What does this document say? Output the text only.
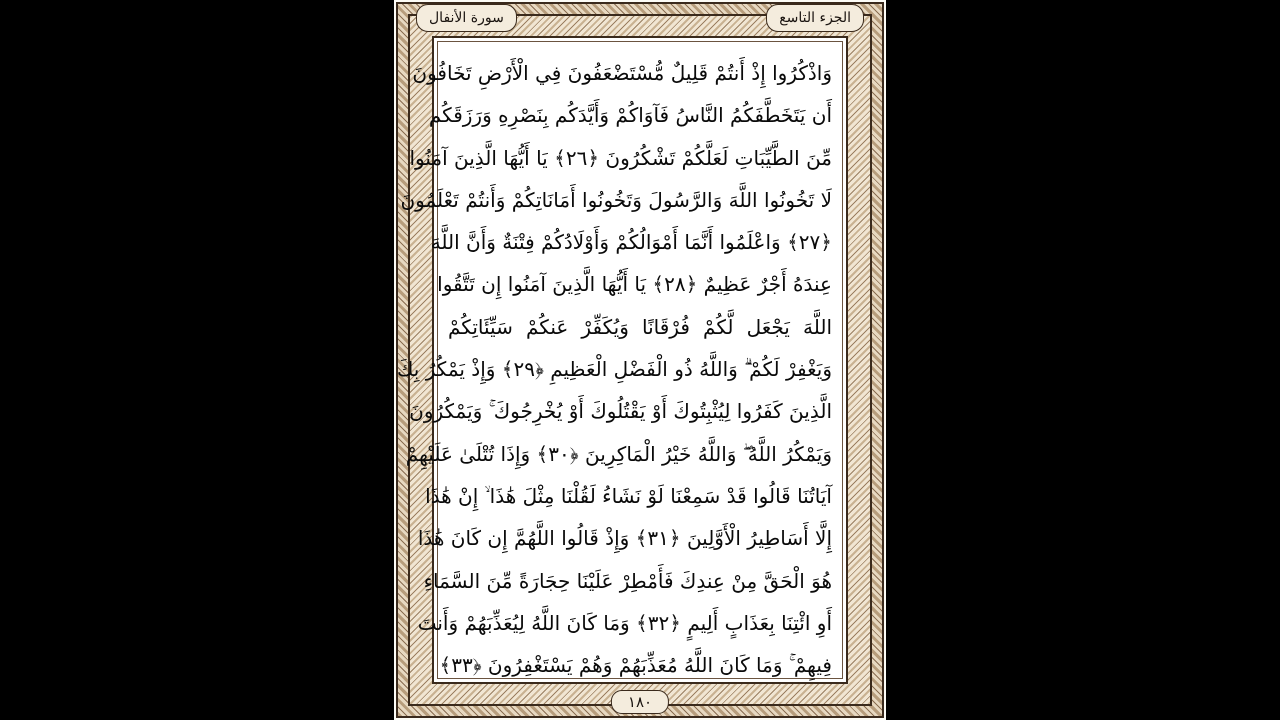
الجزء التاسع
سورة الأنفال
وَاذْكُرُوا إِذْ أَنتُمْ قَلِيلٌ مُّسْتَضْعَفُونَ فِي الْأَرْضِ تَخَافُونَ
أَن يَتَخَطَّفَكُمُ النَّاسُ فَآوَاكُمْ وَأَيَّدَكُم بِنَصْرِهِ وَرَزَقَكُم
مِّنَ الطَّيِّبَاتِ لَعَلَّكُمْ تَشْكُرُونَ ﴿٢٦﴾ يَا أَيُّهَا الَّذِينَ آمَنُوا
لَا تَخُونُوا اللَّهَ وَالرَّسُولَ وَتَخُونُوا أَمَانَاتِكُمْ وَأَنتُمْ تَعْلَمُونَ
﴿٢٧﴾ وَاعْلَمُوا أَنَّمَا أَمْوَالُكُمْ وَأَوْلَادُكُمْ فِتْنَةٌ وَأَنَّ اللَّهَ
عِندَهُ أَجْرٌ عَظِيمٌ ﴿٢٨﴾ يَا أَيُّهَا الَّذِينَ آمَنُوا إِن تَتَّقُوا
اللَّهَ يَجْعَل لَّكُمْ فُرْقَانًا وَيُكَفِّرْ عَنكُمْ سَيِّئَاتِكُمْ
وَيَغْفِرْ لَكُمْ ۗ وَاللَّهُ ذُو الْفَضْلِ الْعَظِيمِ ﴿٢٩﴾ وَإِذْ يَمْكُرُ بِكَ
الَّذِينَ كَفَرُوا لِيُثْبِتُوكَ أَوْ يَقْتُلُوكَ أَوْ يُخْرِجُوكَ ۚ وَيَمْكُرُونَ
وَيَمْكُرُ اللَّهُ ۖ وَاللَّهُ خَيْرُ الْمَاكِرِينَ ﴿٣٠﴾ وَإِذَا تُتْلَىٰ عَلَيْهِمْ
آيَاتُنَا قَالُوا قَدْ سَمِعْنَا لَوْ نَشَاءُ لَقُلْنَا مِثْلَ هَٰذَا ۙ إِنْ هَٰذَا
إِلَّا أَسَاطِيرُ الْأَوَّلِينَ ﴿٣١﴾ وَإِذْ قَالُوا اللَّهُمَّ إِن كَانَ هَٰذَا
هُوَ الْحَقَّ مِنْ عِندِكَ فَأَمْطِرْ عَلَيْنَا حِجَارَةً مِّنَ السَّمَاءِ
أَوِ ائْتِنَا بِعَذَابٍ أَلِيمٍ ﴿٣٢﴾ وَمَا كَانَ اللَّهُ لِيُعَذِّبَهُمْ وَأَنتَ
فِيهِمْ ۚ وَمَا كَانَ اللَّهُ مُعَذِّبَهُمْ وَهُمْ يَسْتَغْفِرُونَ ﴿٣٣﴾
١٨٠
